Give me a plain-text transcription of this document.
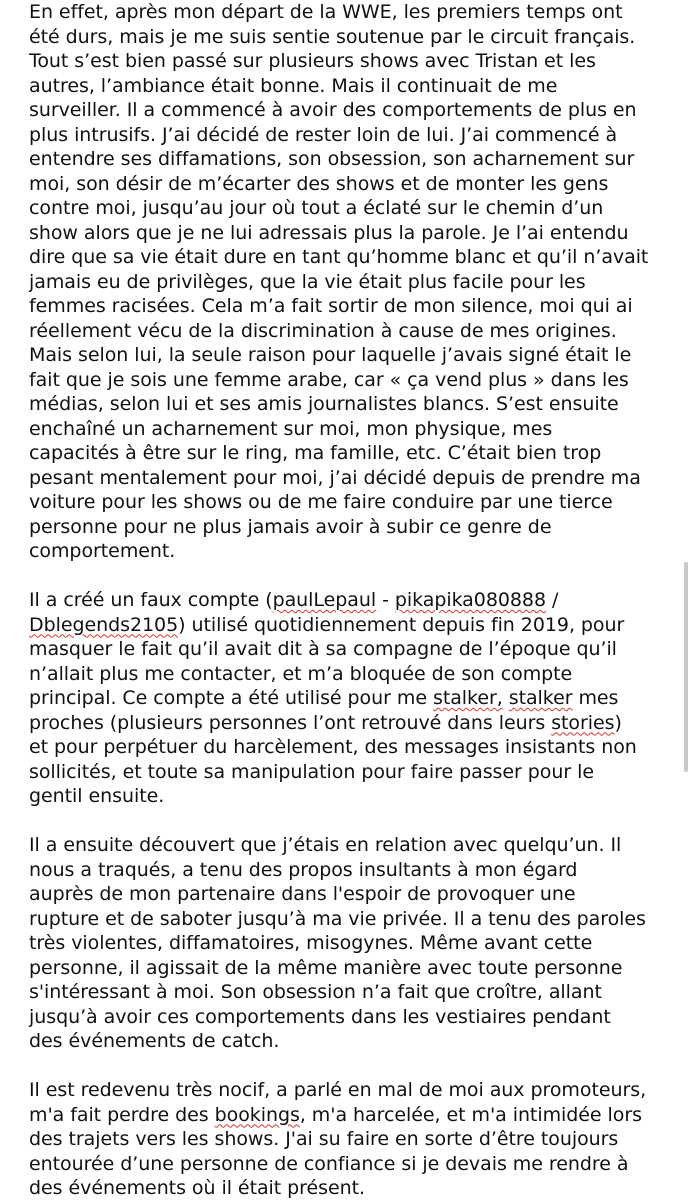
En effet, après mon départ de la WWE, les premiers temps ont
été durs, mais je me suis sentie soutenue par le circuit français.
Tout s’est bien passé sur plusieurs shows avec Tristan et les
autres, l’ambiance était bonne. Mais il continuait de me
surveiller. Il a commencé à avoir des comportements de plus en
plus intrusifs. J’ai décidé de rester loin de lui. J’ai commencé à
entendre ses diffamations, son obsession, son acharnement sur
moi, son désir de m’écarter des shows et de monter les gens
contre moi, jusqu’au jour où tout a éclaté sur le chemin d’un
show alors que je ne lui adressais plus la parole. Je l’ai entendu
dire que sa vie était dure en tant qu’homme blanc et qu’il n’avait
jamais eu de privilèges, que la vie était plus facile pour les
femmes racisées. Cela m’a fait sortir de mon silence, moi qui ai
réellement vécu de la discrimination à cause de mes origines.
Mais selon lui, la seule raison pour laquelle j’avais signé était le
fait que je sois une femme arabe, car « ça vend plus » dans les
médias, selon lui et ses amis journalistes blancs. S’est ensuite
enchaîné un acharnement sur moi, mon physique, mes
capacités à être sur le ring, ma famille, etc. C’était bien trop
pesant mentalement pour moi, j’ai décidé depuis de prendre ma
voiture pour les shows ou de me faire conduire par une tierce
personne pour ne plus jamais avoir à subir ce genre de
comportement.
Il a créé un faux compte (paulLepaul - pikapika080888 /
Dblegends2105) utilisé quotidiennement depuis fin 2019, pour
masquer le fait qu’il avait dit à sa compagne de l’époque qu’il
n’allait plus me contacter, et m’a bloquée de son compte
principal. Ce compte a été utilisé pour me stalker, stalker mes
proches (plusieurs personnes l’ont retrouvé dans leurs stories)
et pour perpétuer du harcèlement, des messages insistants non
sollicités, et toute sa manipulation pour faire passer pour le
gentil ensuite.
Il a ensuite découvert que j’étais en relation avec quelqu’un. Il
nous a traqués, a tenu des propos insultants à mon égard
auprès de mon partenaire dans l'espoir de provoquer une
rupture et de saboter jusqu’à ma vie privée. Il a tenu des paroles
très violentes, diffamatoires, misogynes. Même avant cette
personne, il agissait de la même manière avec toute personne
s'intéressant à moi. Son obsession n’a fait que croître, allant
jusqu’à avoir ces comportements dans les vestiaires pendant
des événements de catch.
Il est redevenu très nocif, a parlé en mal de moi aux promoteurs,
m'a fait perdre des bookings, m'a harcelée, et m'a intimidée lors
des trajets vers les shows. J'ai su faire en sorte d’être toujours
entourée d’une personne de confiance si je devais me rendre à
des événements où il était présent.
